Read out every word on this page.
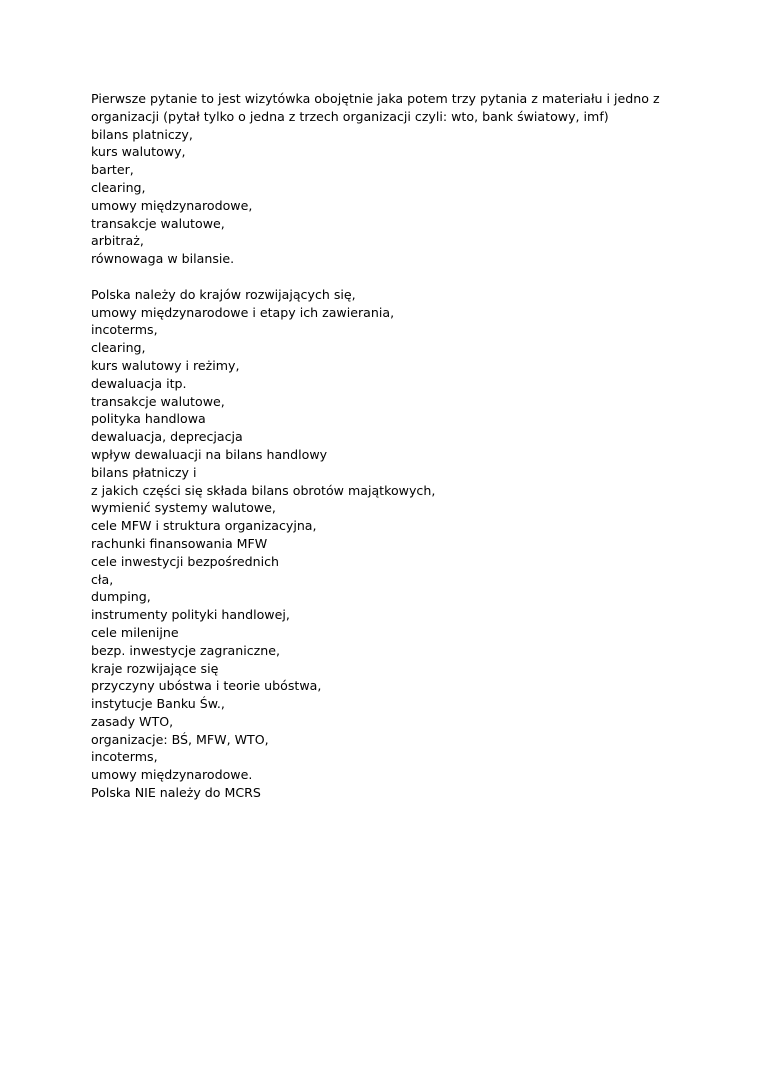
Pierwsze pytanie to jest wizytówka obojętnie jaka potem trzy pytania z materiału i jedno z
organizacji (pytał tylko o jedna z trzech organizacji czyli: wto, bank światowy, imf)
bilans platniczy,
kurs walutowy,
barter,
clearing,
umowy międzynarodowe,
transakcje walutowe,
arbitraż,
równowaga w bilansie.
Polska należy do krajów rozwijających się,
umowy międzynarodowe i etapy ich zawierania,
incoterms,
clearing,
kurs walutowy i reżimy,
dewaluacja itp.
transakcje walutowe,
polityka handlowa
dewaluacja, deprecjacja
wpływ dewaluacji na bilans handlowy
bilans płatniczy i
z jakich części się składa bilans obrotów majątkowych,
wymienić systemy walutowe,
cele MFW i struktura organizacyjna,
rachunki finansowania MFW
cele inwestycji bezpośrednich
cła,
dumping,
instrumenty polityki handlowej,
cele milenijne
bezp. inwestycje zagraniczne,
kraje rozwijające się
przyczyny ubóstwa i teorie ubóstwa,
instytucje Banku Św.,
zasady WTO,
organizacje: BŚ, MFW, WTO,
incoterms,
umowy międzynarodowe.
Polska NIE należy do MCRS
